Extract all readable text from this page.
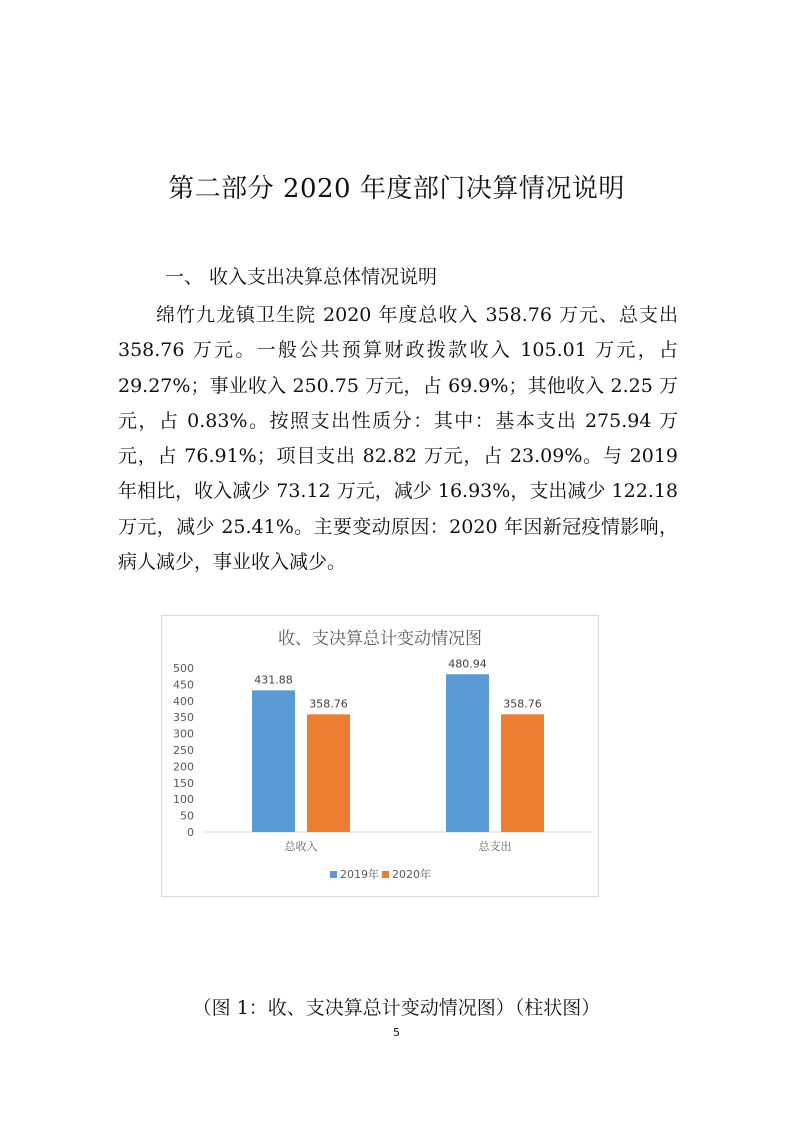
第二部分 2020 年度部门决算情况说明
一、 收入支出决算总体情况说明
绵竹九龙镇卫生院 2020 年度总收入 358.76 万元、总支出 358.76 万元。一般公共预算财政拨款收入 105.01 万元，占 29.27%；事业收入 250.75 万元，占 69.9%；其他收入 2.25 万元，占 0.83%。按照支出性质分：其中：基本支出 275.94 万元，占 76.91%；项目支出 82.82 万元，占 23.09%。与 2019 年相比，收入减少 73.12 万元，减少 16.93%，支出减少 122.18 万元，减少 25.41%。主要变动原因：2020 年因新冠疫情影响，病人减少，事业收入减少。
收、支决算总计变动情况图
0
50
100
150
200
250
300
350
400
450
500
431.88
358.76
480.94
358.76
总收入	总支出
2019年 2020年
（图 1：收、支决算总计变动情况图）（柱状图）
5
